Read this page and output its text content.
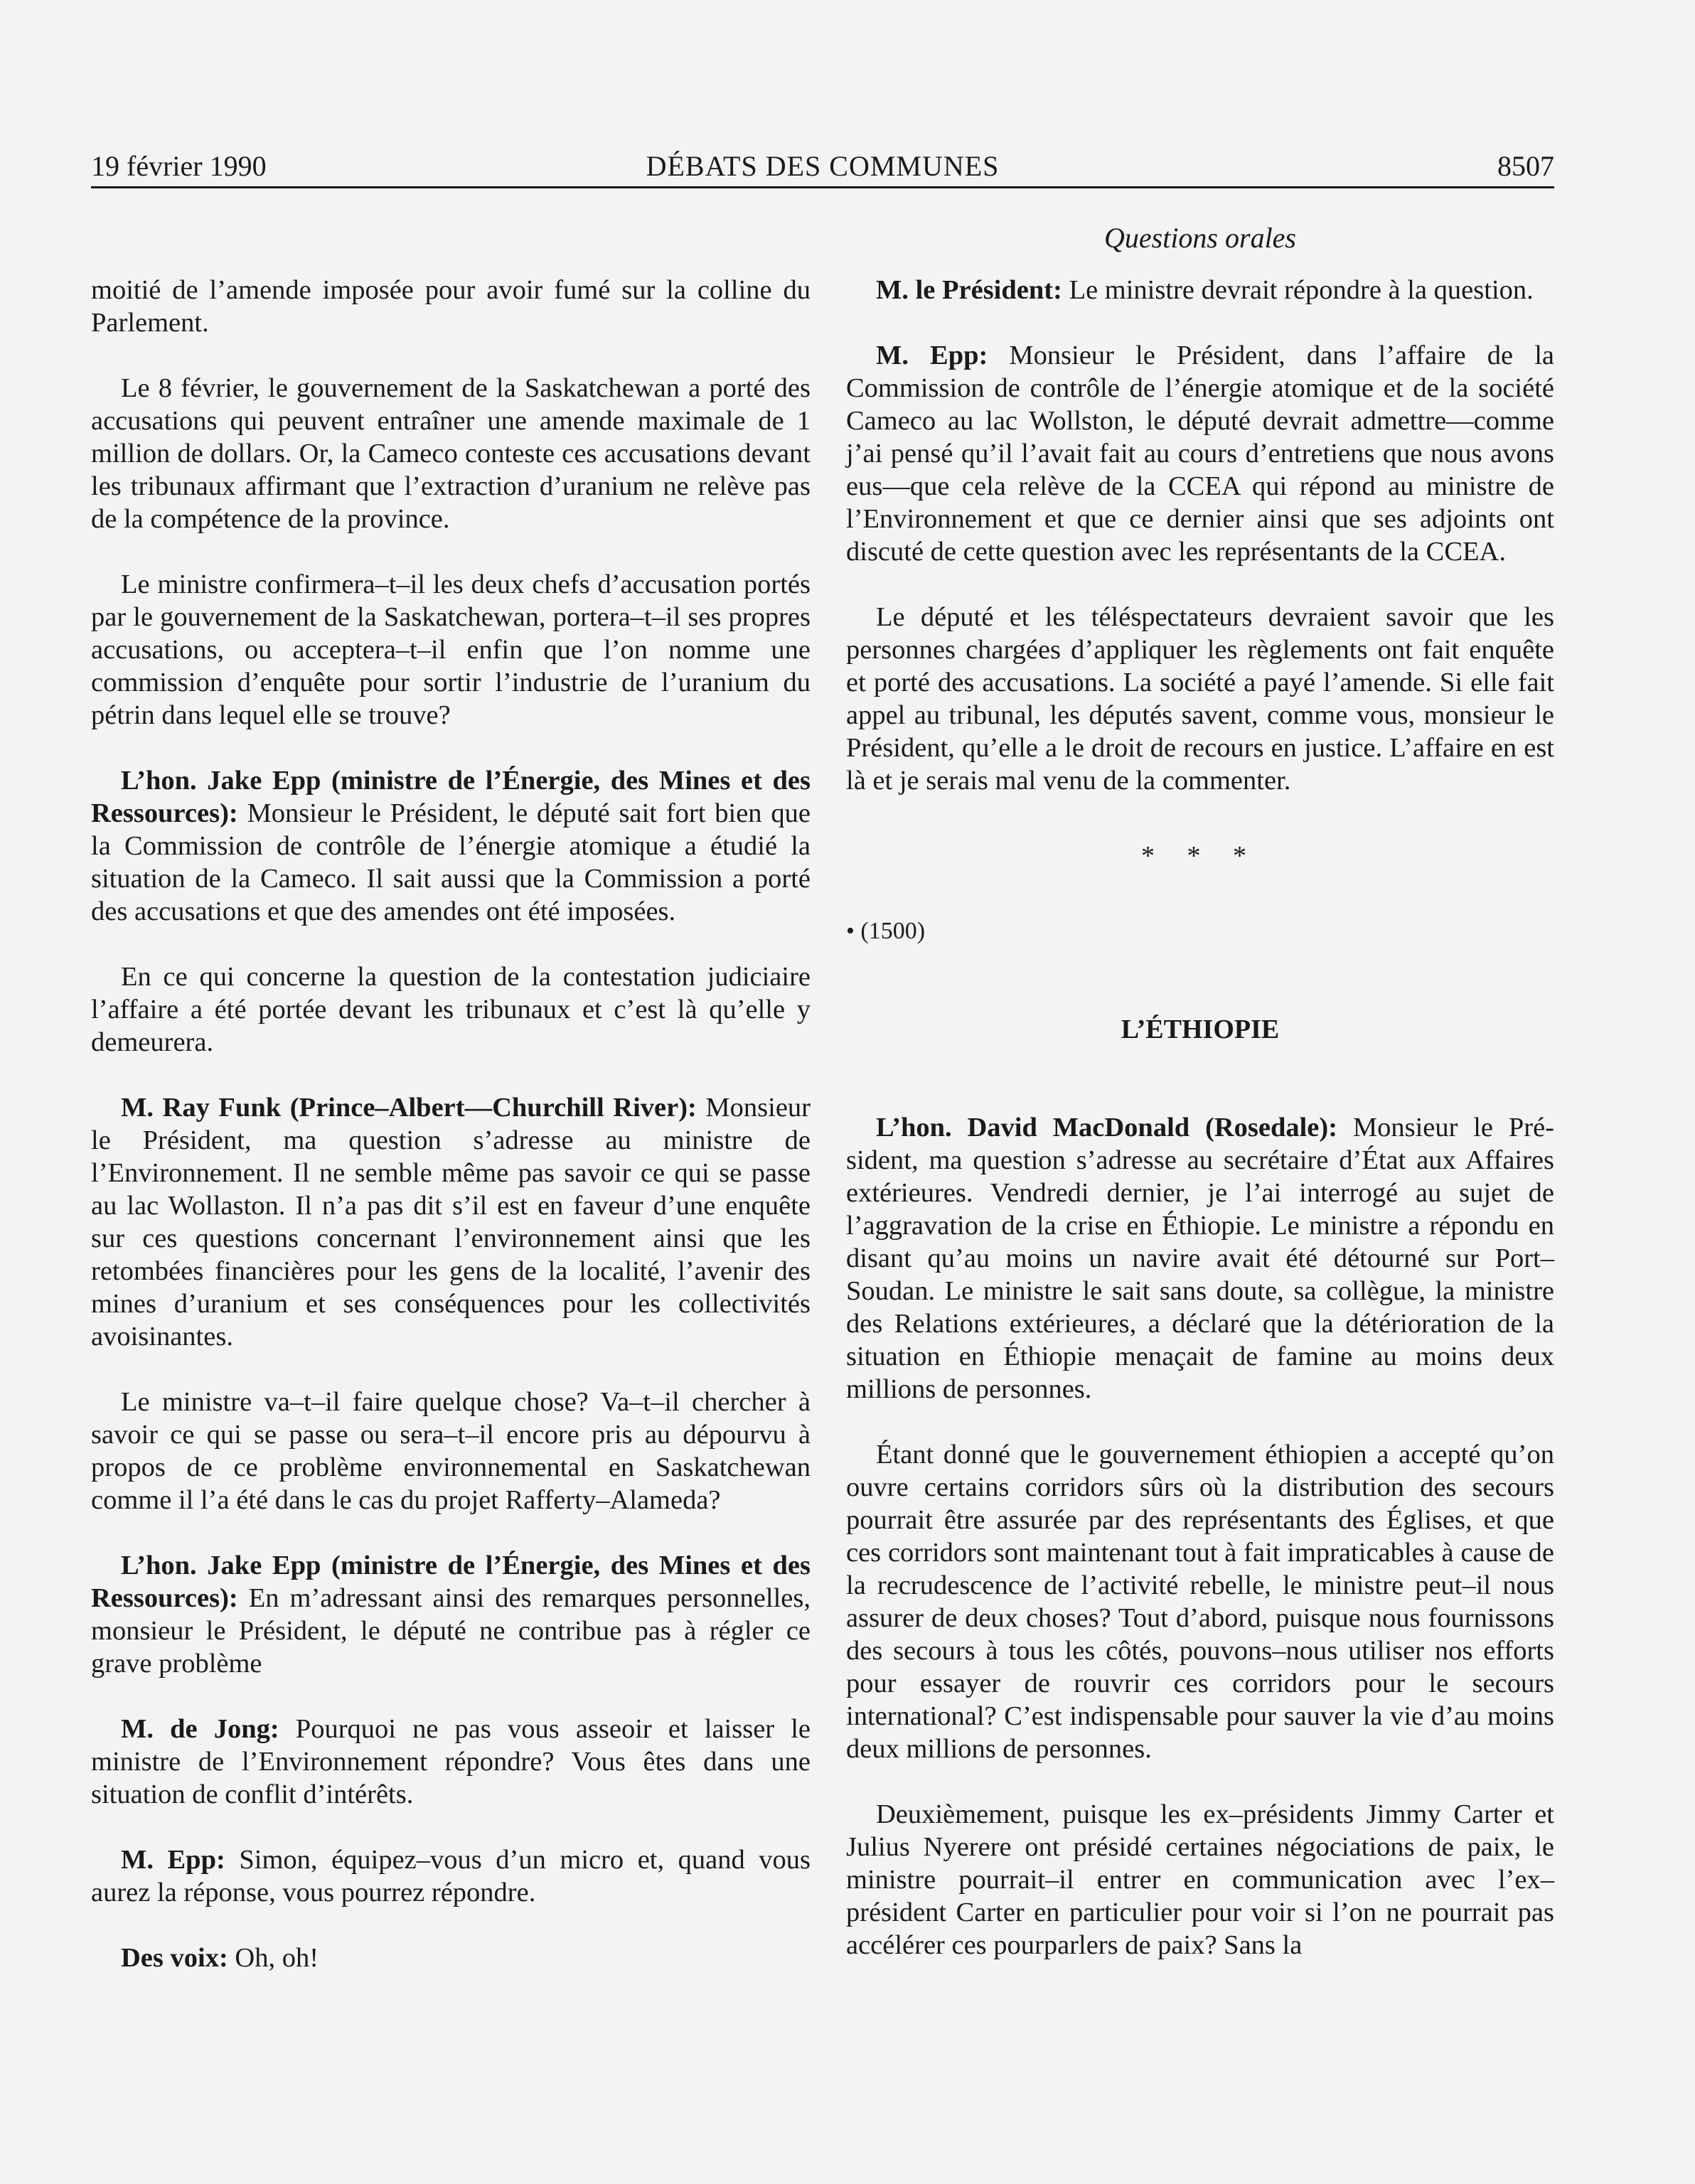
19 février 1990	DÉBATS DES COMMUNES	8507
Questions orales

moitié de l’amende imposée pour avoir fumé sur la colline du Parlement.

Le 8 février, le gouvernement de la Saskatchewan a porté des accusations qui peuvent entraîner une amende maximale de 1 million de dollars. Or, la Cameco conteste ces accusations devant les tribunaux affirmant que l’extraction d’uranium ne relève pas de la compétence de la province.

Le ministre confirmera–t–il les deux chefs d’accusation portés par le gouvernement de la Saskatchewan, portera–t–il ses propres accusations, ou acceptera–t–il enfin que l’on nomme une commission d’enquête pour sortir l’industrie de l’uranium du pétrin dans lequel elle se trouve?

L’hon. Jake Epp (ministre de l’Énergie, des Mines et des Ressources): Monsieur le Président, le député sait fort bien que la Commission de contrôle de l’énergie atomique a étudié la situation de la Cameco. Il sait aussi que la Commission a porté des accusations et que des amendes ont été imposées.

En ce qui concerne la question de la contestation judiciaire l’affaire a été portée devant les tribunaux et c’est là qu’elle y demeurera.

M. Ray Funk (Prince–Albert—Churchill River): Monsieur le Président, ma question s’adresse au ministre de l’Environnement. Il ne semble même pas savoir ce qui se passe au lac Wollaston. Il n’a pas dit s’il est en faveur d’une enquête sur ces questions concernant l’environnement ainsi que les retombées financières pour les gens de la localité, l’avenir des mines d’uranium et ses conséquences pour les collectivités avoisinantes.

Le ministre va–t–il faire quelque chose? Va–t–il chercher à savoir ce qui se passe ou sera–t–il encore pris au dépourvu à propos de ce problème environnemental en Saskatchewan comme il l’a été dans le cas du projet Rafferty–Alameda?

L’hon. Jake Epp (ministre de l’Énergie, des Mines et des Ressources): En m’adressant ainsi des remarques personnelles, monsieur le Président, le député ne contribue pas à régler ce grave problème

M. de Jong: Pourquoi ne pas vous asseoir et laisser le ministre de l’Environnement répondre? Vous êtes dans une situation de conflit d’intérêts.

M. Epp: Simon, équipez–vous d’un micro et, quand vous aurez la réponse, vous pourrez répondre.

Des voix: Oh, oh!

M. le Président: Le ministre devrait répondre à la question.

M. Epp: Monsieur le Président, dans l’affaire de la Commission de contrôle de l’énergie atomique et de la société Cameco au lac Wollston, le député devrait admettre—comme j’ai pensé qu’il l’avait fait au cours d’entretiens que nous avons eus—que cela relève de la CCEA qui répond au ministre de l’Environnement et que ce dernier ainsi que ses adjoints ont discuté de cette question avec les représentants de la CCEA.

Le député et les téléspectateurs devraient savoir que les personnes chargées d’appliquer les règlements ont fait enquête et porté des accusations. La société a payé l’amende. Si elle fait appel au tribunal, les députés savent, comme vous, monsieur le Président, qu’elle a le droit de recours en justice. L’affaire en est là et je serais mal venu de la commenter.

* * *
• (1500)
L’ÉTHIOPIE

L’hon. David MacDonald (Rosedale): Monsieur le Président, ma question s’adresse au secrétaire d’État aux Affaires extérieures. Vendredi dernier, je l’ai interrogé au sujet de l’aggravation de la crise en Éthiopie. Le ministre a répondu en disant qu’au moins un navire avait été détourné sur Port–Soudan. Le ministre le sait sans doute, sa collègue, la ministre des Relations extérieures, a déclaré que la détérioration de la situation en Éthiopie menaçait de famine au moins deux millions de personnes.

Étant donné que le gouvernement éthiopien a accepté qu’on ouvre certains corridors sûrs où la distribution des secours pourrait être assurée par des représentants des Églises, et que ces corridors sont maintenant tout à fait impraticables à cause de la recrudescence de l’activité rebelle, le ministre peut–il nous assurer de deux choses? Tout d’abord, puisque nous fournissons des secours à tous les côtés, pouvons–nous utiliser nos efforts pour essayer de rouvrir ces corridors pour le secours international? C’est indispensable pour sauver la vie d’au moins deux millions de personnes.

Deuxièmement, puisque les ex–présidents Jimmy Carter et Julius Nyerere ont présidé certaines négociations de paix, le ministre pourrait–il entrer en communication avec l’ex–président Carter en particulier pour voir si l’on ne pourrait pas accélérer ces pourparlers de paix? Sans la
